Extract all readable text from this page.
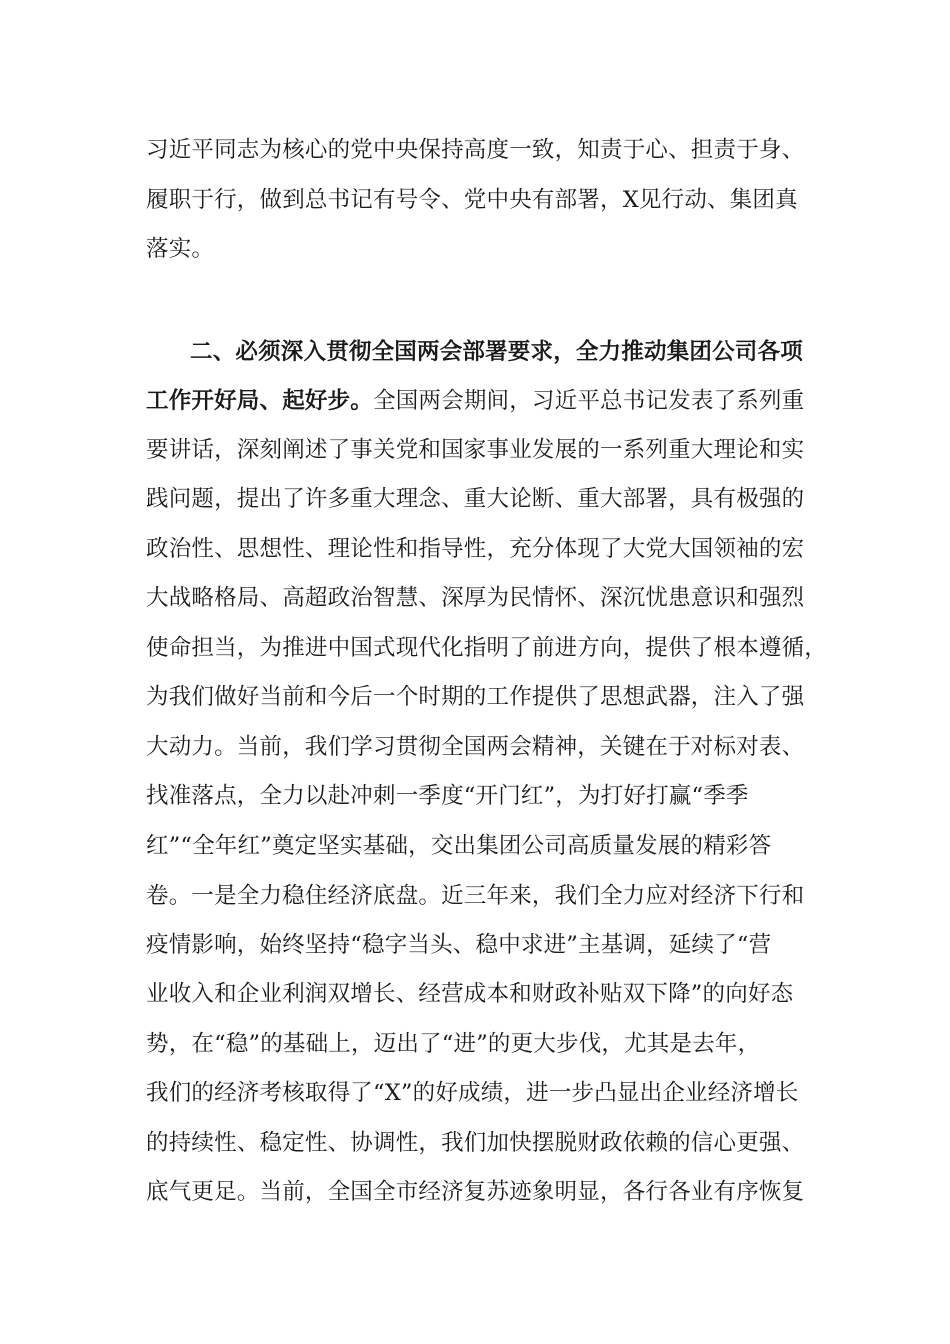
习近平同志为核心的党中央保持高度一致，知责于心、担责于身、
履职于行，做到总书记有号令、党中央有部署，X见行动、集团真
落实。
二、必须深入贯彻全国两会部署要求，全力推动集团公司各项
工作开好局、起好步。全国两会期间，习近平总书记发表了系列重
要讲话，深刻阐述了事关党和国家事业发展的一系列重大理论和实
践问题，提出了许多重大理念、重大论断、重大部署，具有极强的
政治性、思想性、理论性和指导性，充分体现了大党大国领袖的宏
大战略格局、高超政治智慧、深厚为民情怀、深沉忧患意识和强烈
使命担当，为推进中国式现代化指明了前进方向，提供了根本遵循，
为我们做好当前和今后一个时期的工作提供了思想武器，注入了强
大动力。当前，我们学习贯彻全国两会精神，关键在于对标对表、
找准落点，全力以赴冲刺一季度“开门红”，为打好打赢“季季
红”“全年红”奠定坚实基础，交出集团公司高质量发展的精彩答
卷。一是全力稳住经济底盘。近三年来，我们全力应对经济下行和
疫情影响，始终坚持“稳字当头、稳中求进”主基调，延续了“营
业收入和企业利润双增长、经营成本和财政补贴双下降”的向好态
势，在“稳”的基础上，迈出了“进”的更大步伐，尤其是去年，
我们的经济考核取得了“X”的好成绩，进一步凸显出企业经济增长
的持续性、稳定性、协调性，我们加快摆脱财政依赖的信心更强、
底气更足。当前，全国全市经济复苏迹象明显，各行各业有序恢复
